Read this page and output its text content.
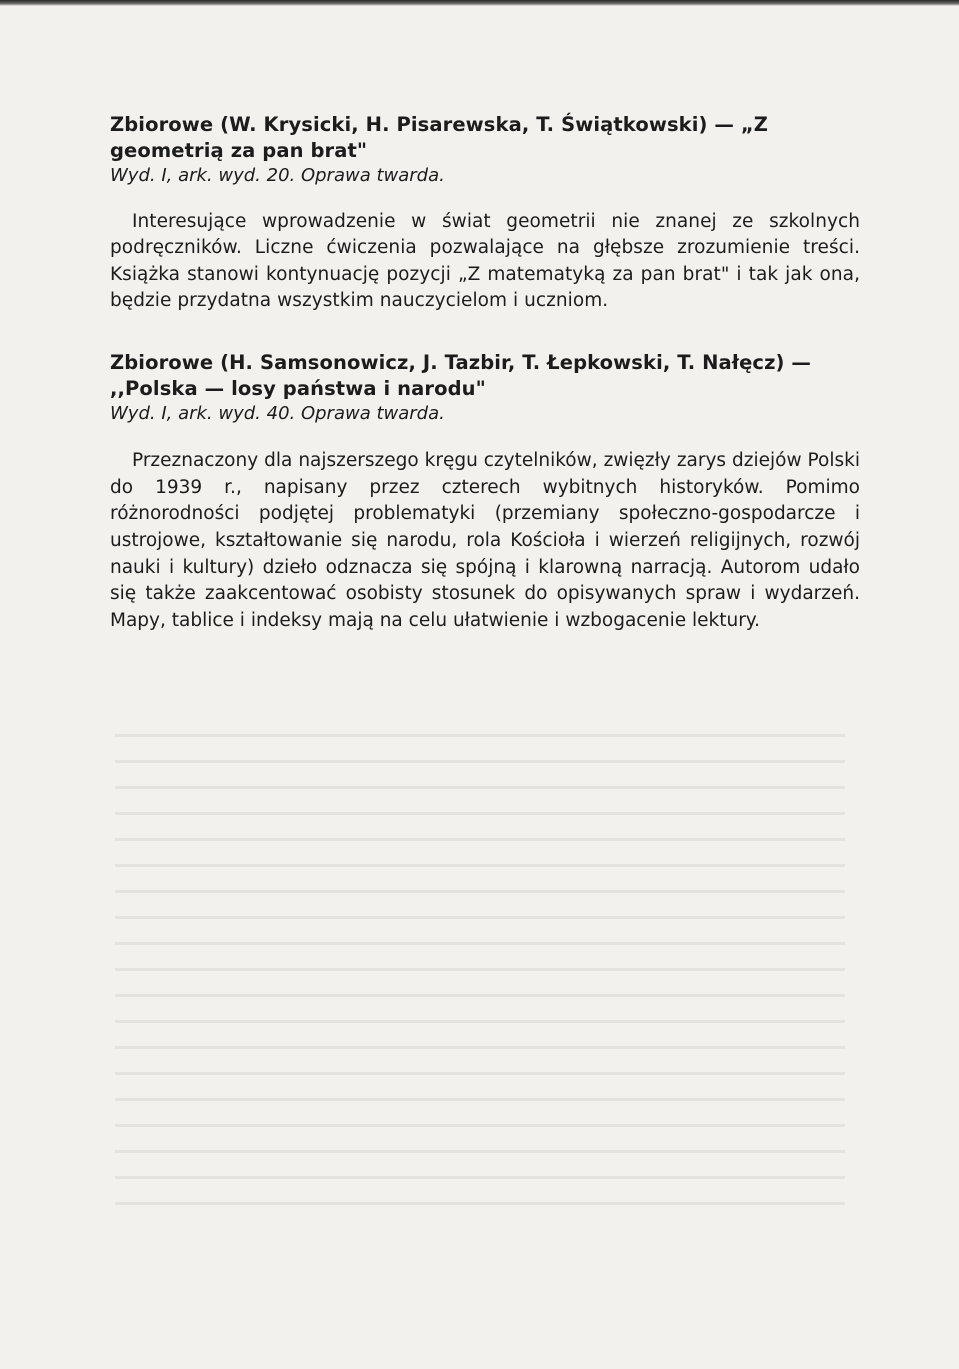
Zbiorowe (W. Krysicki, H. Pisarewska, T. Świątkowski) — „Z
geometrią za pan brat"

Wyd. I, ark. wyd. 20. Oprawa twarda.

Interesujące wprowadzenie w świat geometrii nie znanej ze szkolnych podręczników. Liczne ćwiczenia pozwalające na głębsze zrozumienie treści. Książka stanowi kontynuację pozycji „Z matematyką za pan brat" i tak jak ona, będzie przydatna wszystkim nauczycielom i uczniom.

Zbiorowe (H. Samsonowicz, J. Tazbir, T. Łepkowski, T. Nałęcz) —
,,Polska — losy państwa i narodu"

Wyd. I, ark. wyd. 40. Oprawa twarda.

Przeznaczony dla najszerszego kręgu czytelników, zwięzły zarys dziejów Polski do 1939 r., napisany przez czterech wybitnych historyków. Pomimo różnorodności podjętej problematyki (przemiany społeczno-gospodarcze i ustrojowe, kształtowanie się narodu, rola Kościoła i wierzeń religijnych, rozwój nauki i kultury) dzieło odznacza się spójną i klarowną narracją. Autorom udało się także zaakcentować osobisty stosunek do opisywanych spraw i wydarzeń. Mapy, tablice i indeksy mają na celu ułatwienie i wzbogacenie lektury.
